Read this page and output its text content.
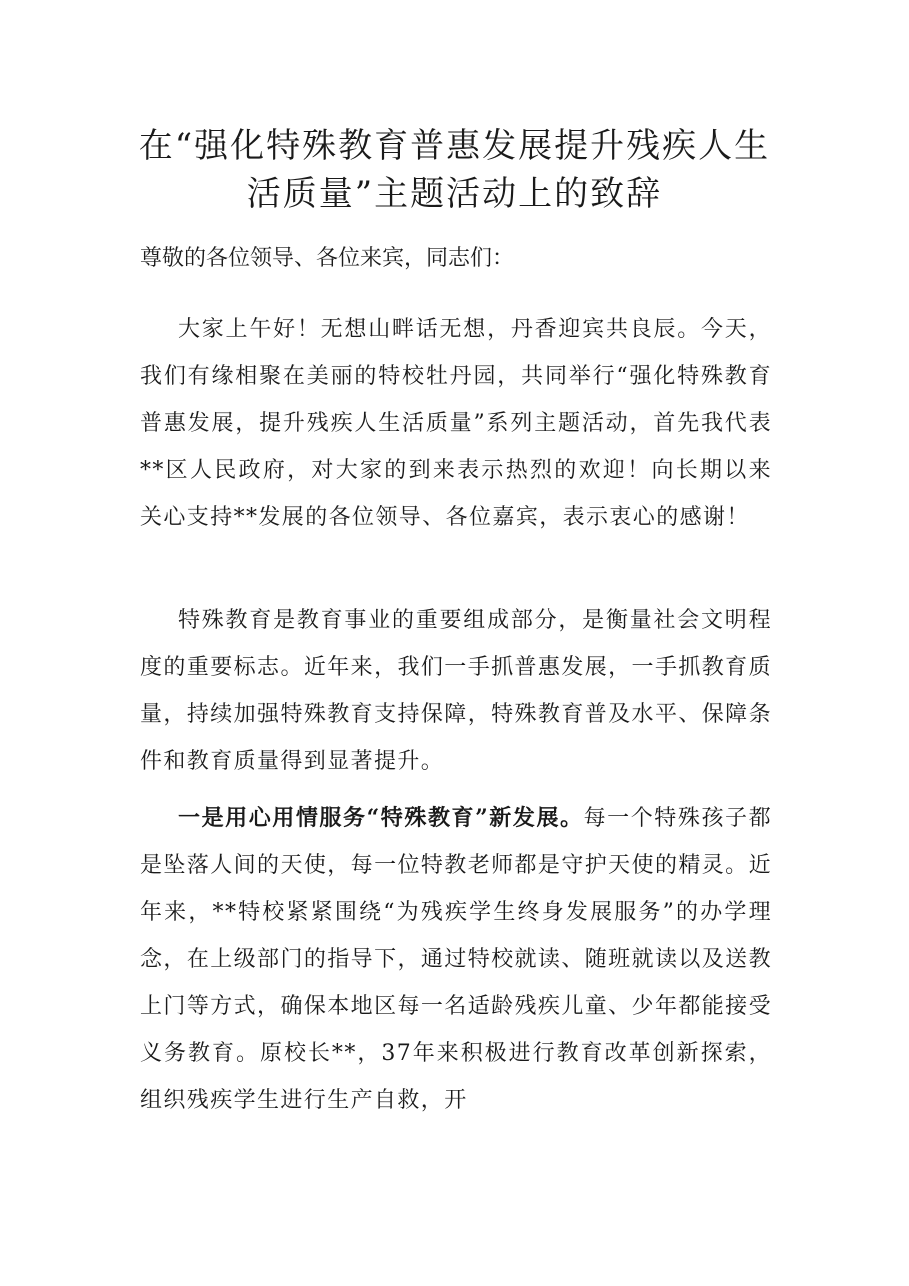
在“强化特殊教育普惠发展提升残疾人生
活质量”主题活动上的致辞

尊敬的各位领导、各位来宾，同志们：

大家上午好！无想山畔话无想，丹香迎宾共良辰。今天，我们有缘相聚在美丽的特校牡丹园，共同举行“强化特殊教育普惠发展，提升残疾人生活质量”系列主题活动，首先我代表**区人民政府，对大家的到来表示热烈的欢迎！向长期以来关心支持**发展的各位领导、各位嘉宾，表示衷心的感谢！

特殊教育是教育事业的重要组成部分，是衡量社会文明程度的重要标志。近年来，我们一手抓普惠发展，一手抓教育质量，持续加强特殊教育支持保障，特殊教育普及水平、保障条件和教育质量得到显著提升。

一是用心用情服务“特殊教育”新发展。每一个特殊孩子都是坠落人间的天使，每一位特教老师都是守护天使的精灵。近年来，**特校紧紧围绕“为残疾学生终身发展服务”的办学理念，在上级部门的指导下，通过特校就读、随班就读以及送教上门等方式，确保本地区每一名适龄残疾儿童、少年都能接受义务教育。原校长**，37年来积极进行教育改革创新探索，组织残疾学生进行生产自救，开
